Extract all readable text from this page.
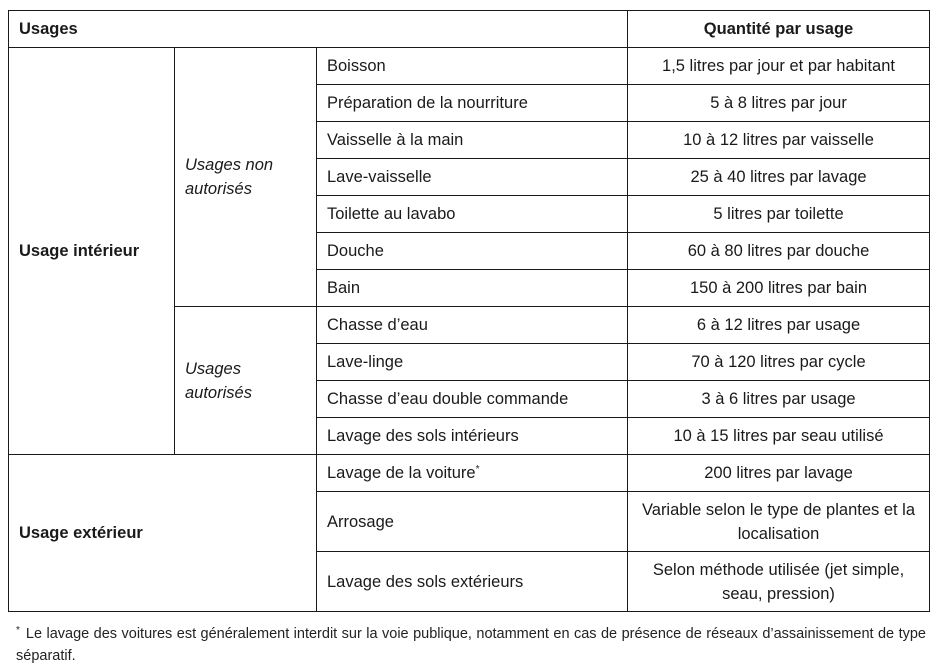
Usages			Quantité par usage
Usage intérieur	Usages non autorisés	Boisson	1,5 litres par jour et par habitant
		Préparation de la nourriture	5 à 8 litres par jour
		Vaisselle à la main	10 à 12 litres par vaisselle
		Lave-vaisselle	25 à 40 litres par lavage
		Toilette au lavabo	5 litres par toilette
		Douche	60 à 80 litres par douche
		Bain	150 à 200 litres par bain
	Usages autorisés	Chasse d’eau	6 à 12 litres par usage
		Lave-linge	70 à 120 litres par cycle
		Chasse d’eau double commande	3 à 6 litres par usage
		Lavage des sols intérieurs	10 à 15 litres par seau utilisé
Usage extérieur		Lavage de la voiture*	200 litres par lavage
		Arrosage	Variable selon le type de plantes et la localisation
		Lavage des sols extérieurs	Selon méthode utilisée (jet simple, seau, pression)
* Le lavage des voitures est généralement interdit sur la voie publique, notamment en cas de présence de réseaux d’assainissement de type séparatif.
